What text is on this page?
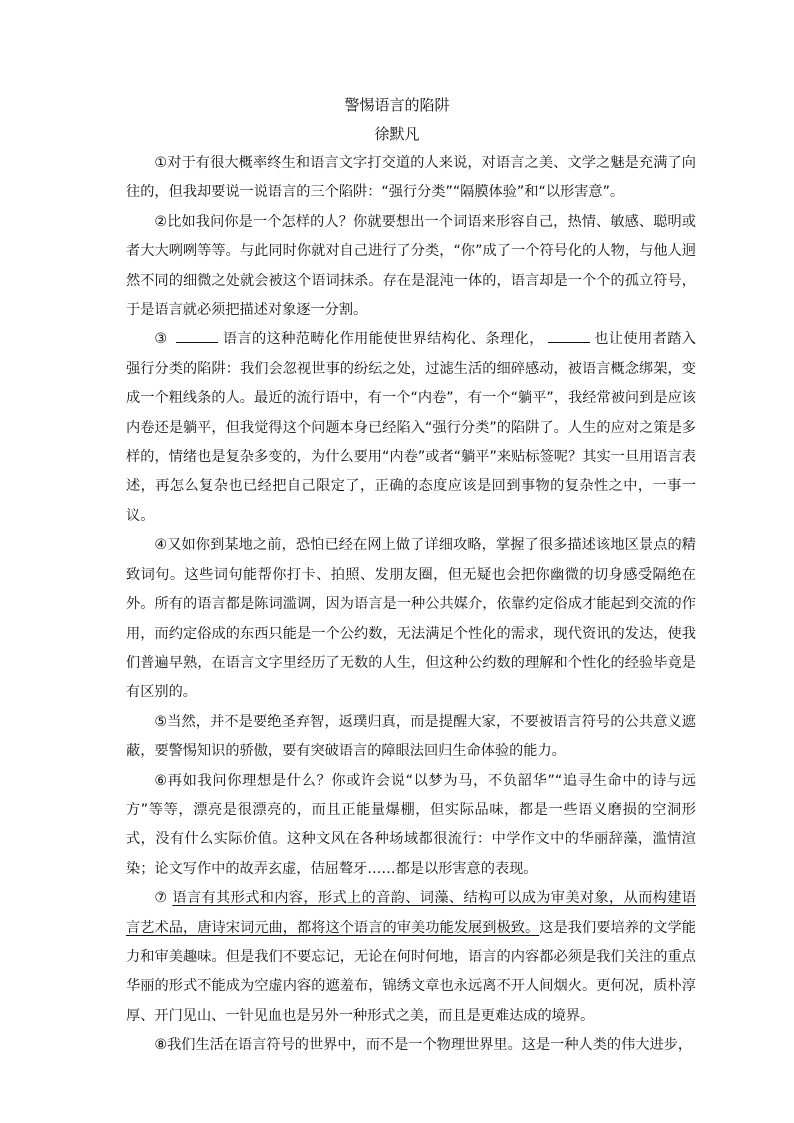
警惕语言的陷阱
徐默凡

①对于有很大概率终生和语言文字打交道的人来说，对语言之美、文学之魅是充满了向往的，但我却要说一说语言的三个陷阱：“强行分类”“隔膜体验”和“以形害意”。

②比如我问你是一个怎样的人？你就要想出一个词语来形容自己，热情、敏感、聪明或者大大咧咧等等。与此同时你就对自己进行了分类，“你”成了一个符号化的人物，与他人迥然不同的细微之处就会被这个语词抹杀。存在是混沌一体的，语言却是一个个的孤立符号，于是语言就必须把描述对象逐一分割。

③	语言的这种范畴化作用能使世界结构化、条理化，	也让使用者踏入强行分类的陷阱：我们会忽视世事的纷纭之处，过滤生活的细碎感动，被语言概念绑架，变成一个粗线条的人。最近的流行语中，有一个“内卷”，有一个“躺平”，我经常被问到是应该内卷还是躺平，但我觉得这个问题本身已经陷入“强行分类”的陷阱了。人生的应对之策是多样的，情绪也是复杂多变的，为什么要用“内卷”或者“躺平”来贴标签呢？其实一旦用语言表述，再怎么复杂也已经把自己限定了，正确的态度应该是回到事物的复杂性之中，一事一议。

④又如你到某地之前，恐怕已经在网上做了详细攻略，掌握了很多描述该地区景点的精致词句。这些词句能帮你打卡、拍照、发朋友圈，但无疑也会把你幽微的切身感受隔绝在外。所有的语言都是陈词滥调，因为语言是一种公共媒介，依靠约定俗成才能起到交流的作用，而约定俗成的东西只能是一个公约数，无法满足个性化的需求，现代资讯的发达，使我们普遍早熟，在语言文字里经历了无数的人生，但这种公约数的理解和个性化的经验毕竟是有区别的。

⑤当然，并不是要绝圣弃智，返璞归真，而是提醒大家，不要被语言符号的公共意义遮蔽，要警惕知识的骄傲，要有突破语言的障眼法回归生命体验的能力。

⑥再如我问你理想是什么？你或许会说“以梦为马，不负韶华”“追寻生命中的诗与远方”等等，漂亮是很漂亮的，而且正能量爆棚，但实际品味，都是一些语义磨损的空洞形式，没有什么实际价值。这种文风在各种场域都很流行：中学作文中的华丽辞藻，滥情渲染；论文写作中的故弄玄虚，佶屈聱牙……都是以形害意的表现。

⑦ 语言有其形式和内容，形式上的音韵、词藻、结构可以成为审美对象，从而构建语言艺术品，唐诗宋词元曲，都将这个语言的审美功能发展到极致。这是我们要培养的文学能力和审美趣味。但是我们不要忘记，无论在何时何地，语言的内容都必须是我们关注的重点华丽的形式不能成为空虚内容的遮羞布，锦绣文章也永远离不开人间烟火。更何况，质朴淳厚、开门见山、一针见血也是另外一种形式之美，而且是更难达成的境界。

⑧我们生活在语言符号的世界中，而不是一个物理世界里。这是一种人类的伟大进步，
